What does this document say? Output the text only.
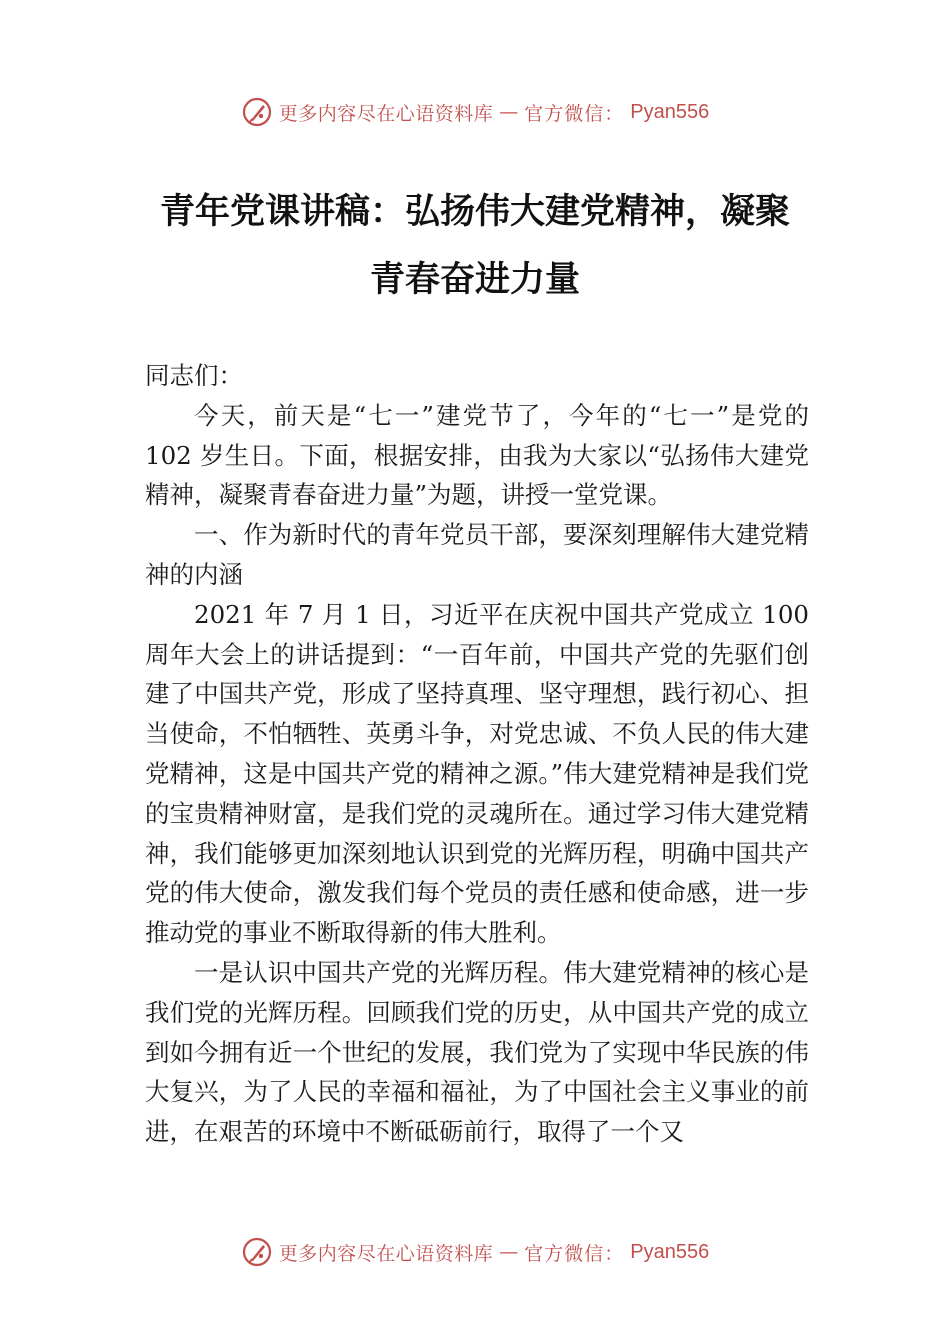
更多内容尽在心语资料库 — 官方微信： Pyan556
青年党课讲稿：弘扬伟大建党精神，凝聚青春奋进力量

同志们：

今天，前天是“七一”建党节了，今年的“七一”是党的 102 岁生日。下面，根据安排，由我为大家以“弘扬伟大建党精神，凝聚青春奋进力量”为题，讲授一堂党课。

一、作为新时代的青年党员干部，要深刻理解伟大建党精神的内涵

2021 年 7 月 1 日，习近平在庆祝中国共产党成立 100 周年大会上的讲话提到：“一百年前，中国共产党的先驱们创建了中国共产党，形成了坚持真理、坚守理想，践行初心、担当使命，不怕牺牲、英勇斗争，对党忠诚、不负人民的伟大建党精神，这是中国共产党的精神之源。”伟大建党精神是我们党的宝贵精神财富，是我们党的灵魂所在。通过学习伟大建党精神，我们能够更加深刻地认识到党的光辉历程，明确中国共产党的伟大使命，激发我们每个党员的责任感和使命感，进一步推动党的事业不断取得新的伟大胜利。

一是认识中国共产党的光辉历程。伟大建党精神的核心是我们党的光辉历程。回顾我们党的历史，从中国共产党的成立到如今拥有近一个世纪的发展，我们党为了实现中华民族的伟大复兴，为了人民的幸福和福祉，为了中国社会主义事业的前进，在艰苦的环境中不断砥砺前行，取得了一个又

更多内容尽在心语资料库 — 官方微信： Pyan556
